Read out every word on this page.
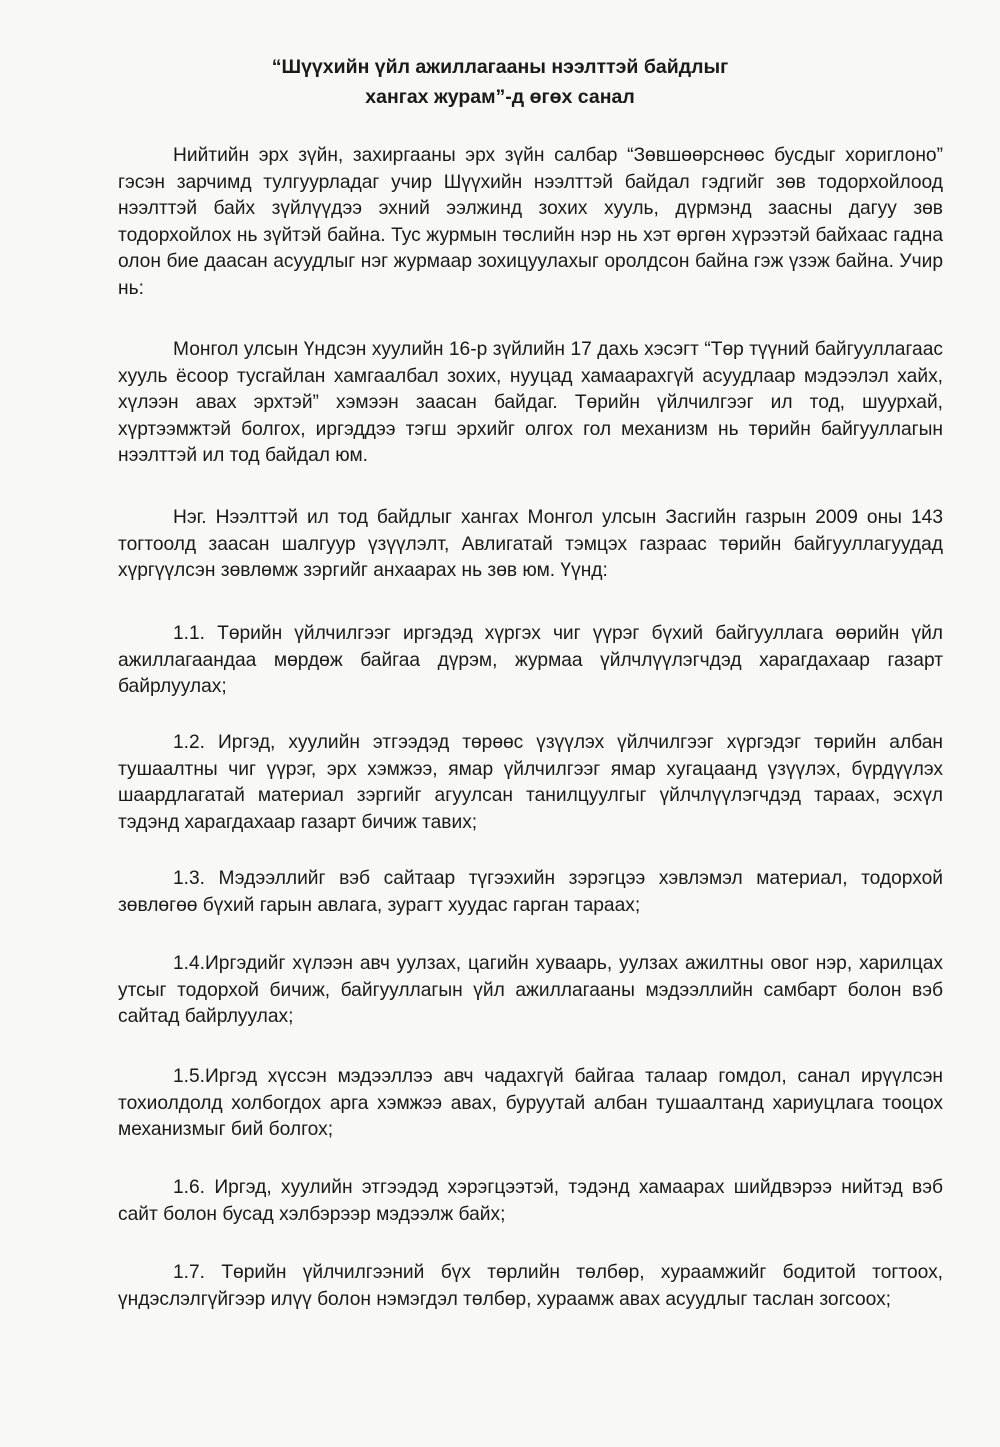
“Шүүхийн үйл ажиллагааны нээлттэй байдлыг
хангах журам”-д өгөх санал
Нийтийн эрх зүйн, захиргааны эрх зүйн салбар “Зөвшөөрснөөс бусдыг хориглоно” гэсэн зарчимд тулгуурладаг учир Шүүхийн нээлттэй байдал гэдгийг зөв тодорхойлоод нээлттэй байх зүйлүүдээ эхний ээлжинд зохих хууль, дүрмэнд заасны дагуу зөв тодорхойлох нь зүйтэй байна. Тус журмын төслийн нэр нь хэт өргөн хүрээтэй байхаас гадна олон бие даасан асуудлыг нэг журмаар зохицуулахыг оролдсон байна гэж үзэж байна. Учир нь:
Монгол улсын Үндсэн хуулийн 16-р зүйлийн 17 дахь хэсэгт “Төр түүний байгууллагаас хууль ёсоор тусгайлан хамгаалбал зохих, нууцад хамаарахгүй асуудлаар мэдээлэл хайх, хүлээн авах эрхтэй” хэмээн заасан байдаг. Төрийн үйлчилгээг ил тод, шуурхай, хүртээмжтэй болгох, иргэддээ тэгш эрхийг олгох гол механизм нь төрийн байгууллагын нээлттэй ил тод байдал юм.
Нэг. Нээлттэй ил тод байдлыг хангах Монгол улсын Засгийн газрын 2009 оны 143 тогтоолд заасан шалгуур үзүүлэлт, Авлигатай тэмцэх газраас төрийн байгууллагуудад хүргүүлсэн зөвлөмж зэргийг анхаарах нь зөв юм. Үүнд:
1.1. Төрийн үйлчилгээг иргэдэд хүргэх чиг үүрэг бүхий байгууллага өөрийн үйл ажиллагаандаа мөрдөж байгаа дүрэм, журмаа үйлчлүүлэгчдэд харагдахаар газарт байрлуулах;
1.2. Иргэд, хуулийн этгээдэд төрөөс үзүүлэх үйлчилгээг хүргэдэг төрийн албан тушаалтны чиг үүрэг, эрх хэмжээ, ямар үйлчилгээг ямар хугацаанд үзүүлэх, бүрдүүлэх шаардлагатай материал зэргийг агуулсан танилцуулгыг үйлчлүүлэгчдэд тараах, эсхүл тэдэнд харагдахаар газарт бичиж тавих;
1.3. Мэдээллийг вэб сайтаар түгээхийн зэрэгцээ хэвлэмэл материал, тодорхой зөвлөгөө бүхий гарын авлага, зурагт хуудас гарган тараах;
1.4.Иргэдийг хүлээн авч уулзах, цагийн хуваарь, уулзах ажилтны овог нэр, харилцах утсыг тодорхой бичиж, байгууллагын үйл ажиллагааны мэдээллийн самбарт болон вэб сайтад байрлуулах;
1.5.Иргэд хүссэн мэдээллээ авч чадахгүй байгаа талаар гомдол, санал ирүүлсэн тохиолдолд холбогдох арга хэмжээ авах, буруутай албан тушаалтанд хариуцлага тооцох механизмыг бий болгох;
1.6. Иргэд, хуулийн этгээдэд хэрэгцээтэй, тэдэнд хамаарах шийдвэрээ нийтэд вэб сайт болон бусад хэлбэрээр мэдээлж байх;
1.7. Төрийн үйлчилгээний бүх төрлийн төлбөр, хураамжийг бодитой тогтоох, үндэслэлгүйгээр илүү болон нэмэгдэл төлбөр, хураамж авах асуудлыг таслан зогсоох;
